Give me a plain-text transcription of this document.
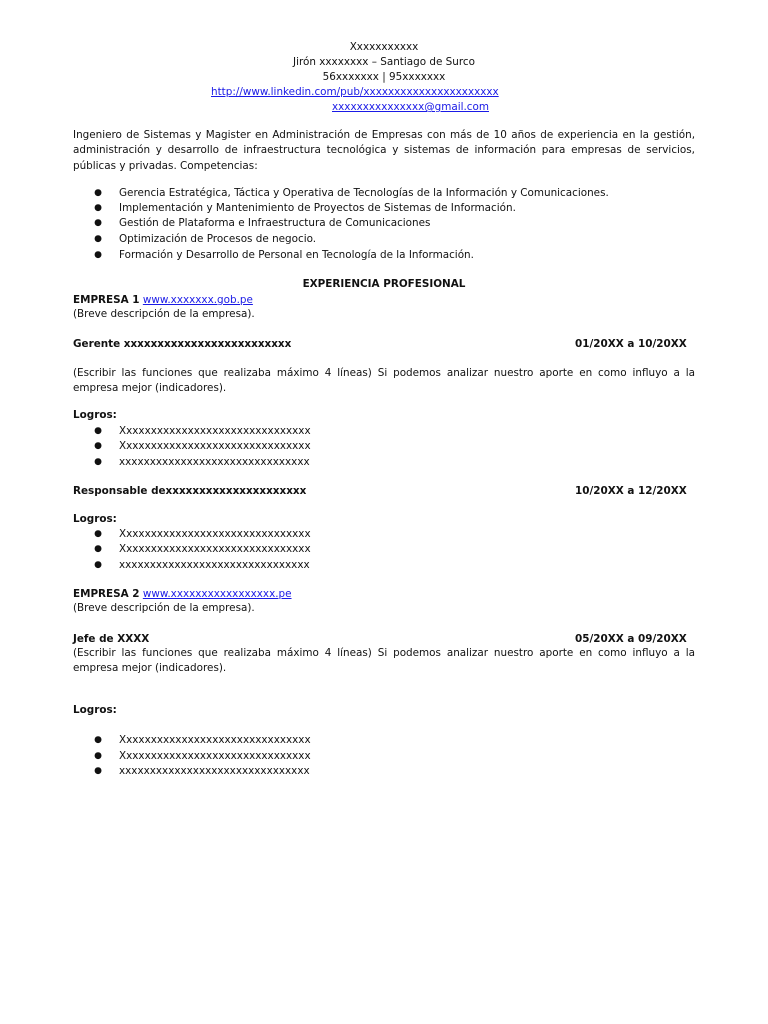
Xxxxxxxxxxx
Jirón xxxxxxxx – Santiago de Surco
56xxxxxxx | 95xxxxxxx
http://www.linkedin.com/pub/xxxxxxxxxxxxxxxxxxxxxx
xxxxxxxxxxxxxxx@gmail.com
Ingeniero de Sistemas y Magister en Administración de Empresas con más de 10 años de experiencia en la gestión, administración y desarrollo de infraestructura tecnológica y sistemas de información para empresas de servicios, públicas y privadas. Competencias:
● Gerencia Estratégica, Táctica y Operativa de Tecnologías de la Información y Comunicaciones.
● Implementación y Mantenimiento de Proyectos de Sistemas de Información.
● Gestión de Plataforma e Infraestructura de Comunicaciones
● Optimización de Procesos de negocio.
● Formación y Desarrollo de Personal en Tecnología de la Información.
EXPERIENCIA PROFESIONAL
EMPRESA 1 www.xxxxxxx.gob.pe
(Breve descripción de la empresa).
Gerente xxxxxxxxxxxxxxxxxxxxxxxxx	01/20XX a 10/20XX
(Escribir las funciones que realizaba máximo 4 líneas) Si podemos analizar nuestro aporte en como influyo a la empresa mejor (indicadores).
Logros:
● Xxxxxxxxxxxxxxxxxxxxxxxxxxxxxxx
● Xxxxxxxxxxxxxxxxxxxxxxxxxxxxxxx
● xxxxxxxxxxxxxxxxxxxxxxxxxxxxxxx
Responsable dexxxxxxxxxxxxxxxxxxxxx	10/20XX a 12/20XX
Logros:
● Xxxxxxxxxxxxxxxxxxxxxxxxxxxxxxx
● Xxxxxxxxxxxxxxxxxxxxxxxxxxxxxxx
● xxxxxxxxxxxxxxxxxxxxxxxxxxxxxxx
EMPRESA 2 www.xxxxxxxxxxxxxxxxx.pe
(Breve descripción de la empresa).
Jefe de XXXX	05/20XX a 09/20XX
(Escribir las funciones que realizaba máximo 4 líneas) Si podemos analizar nuestro aporte en como influyo a la empresa mejor (indicadores).
Logros:
● Xxxxxxxxxxxxxxxxxxxxxxxxxxxxxxx
● Xxxxxxxxxxxxxxxxxxxxxxxxxxxxxxx
● xxxxxxxxxxxxxxxxxxxxxxxxxxxxxxx
